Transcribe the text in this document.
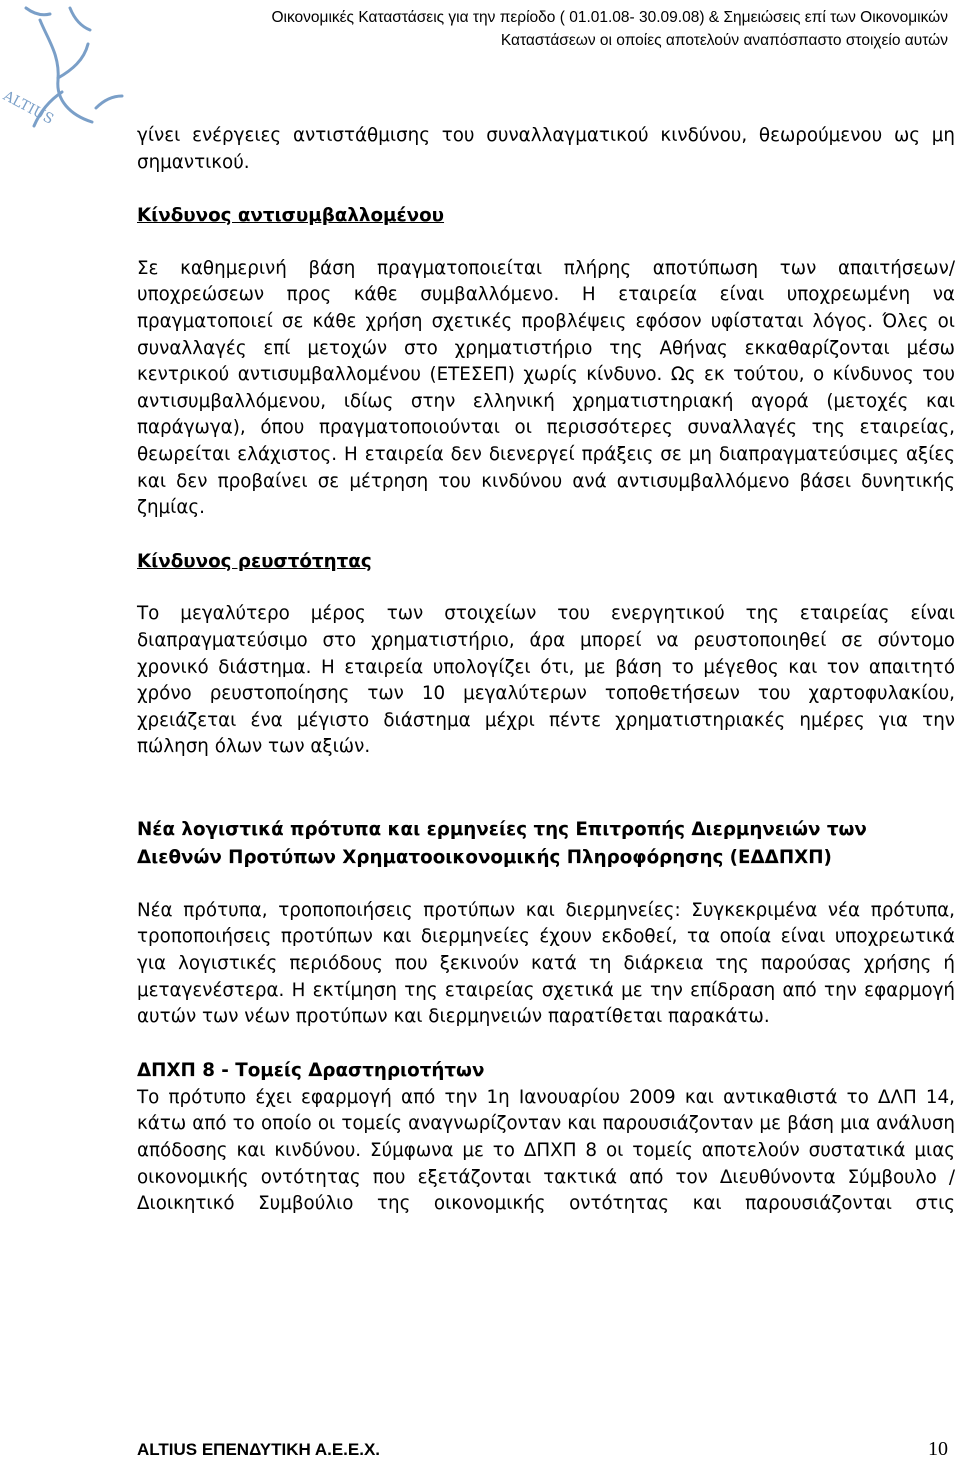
ALTIUS
Οικονομικές Καταστάσεις για την περίοδο ( 01.01.08- 30.09.08) & Σημειώσεις επί των Οικονομικών
Καταστάσεων οι οποίες αποτελούν αναπόσπαστο στοιχείο αυτών

γίνει ενέργειες αντιστάθμισης του συναλλαγματικού κινδύνου, θεωρούμενου ως μη σημαντικού.

Κίνδυνος αντισυμβαλλομένου

Σε καθημερινή βάση πραγματοποιείται πλήρης αποτύπωση των απαιτήσεων/υποχρεώσεων προς κάθε συμβαλλόμενο. Η εταιρεία είναι υποχρεωμένη να πραγματοποιεί σε κάθε χρήση σχετικές προβλέψεις εφόσον υφίσταται λόγος. Όλες οι συναλλαγές επί μετοχών στο χρηματιστήριο της Αθήνας εκκαθαρίζονται μέσω κεντρικού αντισυμβαλλομένου (ΕΤΕΣΕΠ) χωρίς κίνδυνο. Ως εκ τούτου, ο κίνδυνος του αντισυμβαλλόμενου, ιδίως στην ελληνική χρηματιστηριακή αγορά (μετοχές και παράγωγα), όπου πραγματοποιούνται οι περισσότερες συναλλαγές της εταιρείας, θεωρείται ελάχιστος. Η εταιρεία δεν διενεργεί πράξεις σε μη διαπραγματεύσιμες αξίες και δεν προβαίνει σε μέτρηση του κινδύνου ανά αντισυμβαλλόμενο βάσει δυνητικής ζημίας.

Κίνδυνος ρευστότητας

Το μεγαλύτερο μέρος των στοιχείων του ενεργητικού της εταιρείας είναι διαπραγματεύσιμο στο χρηματιστήριο, άρα μπορεί να ρευστοποιηθεί σε σύντομο χρονικό διάστημα. Η εταιρεία υπολογίζει ότι, με βάση το μέγεθος και τον απαιτητό χρόνο ρευστοποίησης των 10 μεγαλύτερων τοποθετήσεων του χαρτοφυλακίου, χρειάζεται ένα μέγιστο διάστημα μέχρι πέντε χρηματιστηριακές ημέρες για την πώληση όλων των αξιών.

Νέα λογιστικά πρότυπα και ερμηνείες της Επιτροπής Διερμηνειών των Διεθνών Προτύπων Χρηματοοικονομικής Πληροφόρησης (ΕΔΔΠΧΠ)

Νέα πρότυπα, τροποποιήσεις προτύπων και διερμηνείες: Συγκεκριμένα νέα πρότυπα, τροποποιήσεις προτύπων και διερμηνείες έχουν εκδοθεί, τα οποία είναι υποχρεωτικά για λογιστικές περιόδους που ξεκινούν κατά τη διάρκεια της παρούσας χρήσης ή μεταγενέστερα. Η εκτίμηση της εταιρείας σχετικά με την επίδραση από την εφαρμογή αυτών των νέων προτύπων και διερμηνειών παρατίθεται παρακάτω.

ΔΠΧΠ 8 - Τομείς Δραστηριοτήτων

Το πρότυπο έχει εφαρμογή από την 1η Ιανουαρίου 2009 και αντικαθιστά το ΔΛΠ 14, κάτω από το οποίο οι τομείς αναγνωρίζονταν και παρουσιάζονταν με βάση μια ανάλυση απόδοσης και κινδύνου. Σύμφωνα με το ΔΠΧΠ 8 οι τομείς αποτελούν συστατικά μιας οικονομικής οντότητας που εξετάζονται τακτικά από τον Διευθύνοντα Σύμβουλο / Διοικητικό Συμβούλιο της οικονομικής οντότητας και παρουσιάζονται στις

ALTIUS ΕΠΕΝΔΥΤΙΚΗ Α.Ε.Ε.Χ.	10
